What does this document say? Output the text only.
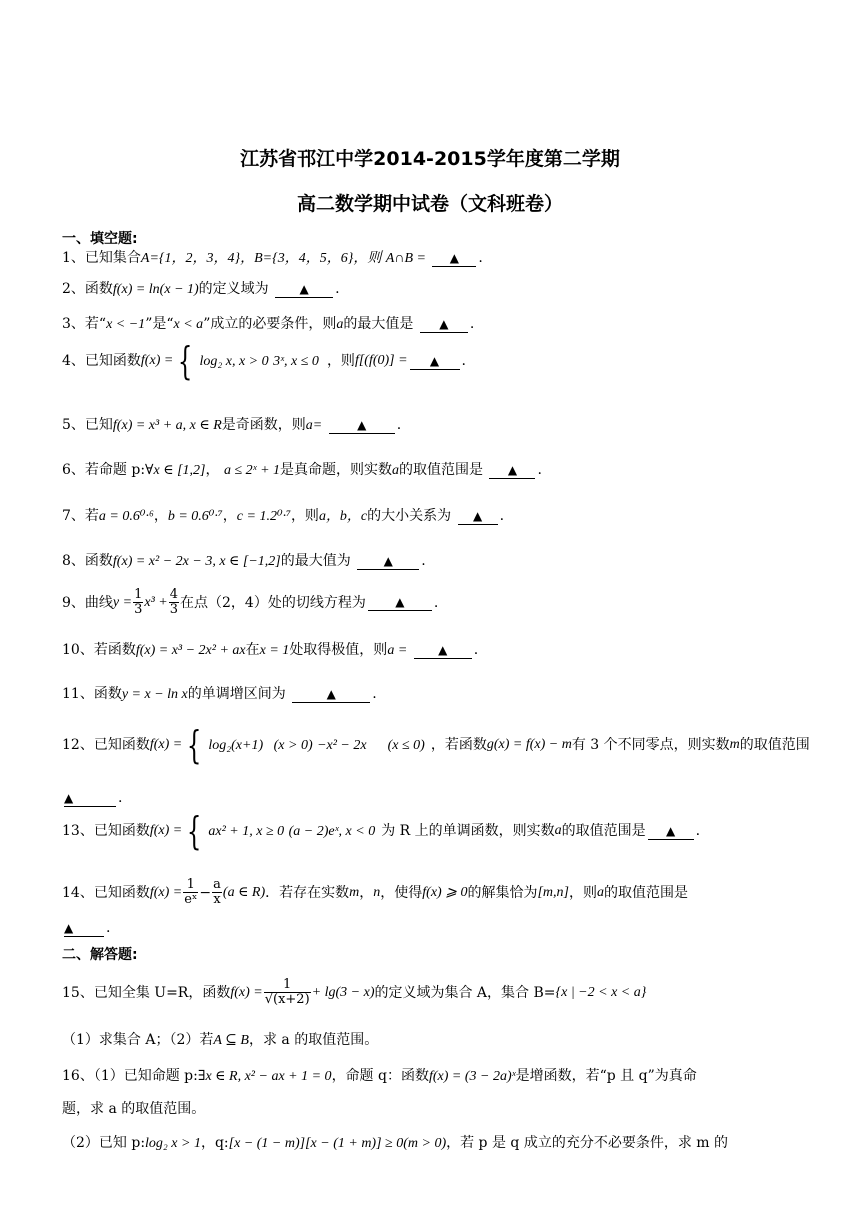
江苏省邗江中学2014-2015学年度第二学期
高二数学期中试卷（文科班卷）
一、填空题:
1、已知集合A={1，2，3，4}，B={3，4，5，6}，则 A∩B = ▲ .
2、函数f(x) = ln(x − 1)的定义域为	▲ .
3、若“x < −1”是“x < a”成立的必要条件，则a的最大值是 ▲ .
4、已知函数 f(x) = { log₂ x, x > 0 3ˣ, x ≤ 0 ，则 f[(f(0)] =	▲	.
5、已知f(x) = x³ + a, x ∈ R是奇函数，则a=	▲ .
6、若命题 p:∀x ∈ [1,2]， a ≤ 2ˣ + 1是真命题，则实数a的取值范围是 ▲ .
7、若a = 0.6⁰·⁶，b = 0.6⁰·⁷，c = 1.2⁰·⁷，则a，b，c的大小关系为 ▲ .
8、函数f(x) = x² − 2x − 3, x ∈ [−1,2]的最大值为	▲ .
9、曲线 $y = \frac{1}{3} x^3 + \frac{4}{3}$ 在点（2，4）处的切线方程为	▲	.
10、若函数f(x) = x³ − 2x² + ax在x = 1处取得极值，则a =	▲ .
11、函数y = x − ln x的单调增区间为	▲	.
12、已知函数 f(x) = { log₂(x+1)   (x > 0) −x² − 2x      (x ≤ 0) ，若函数 g(x) = f(x) − m 有 3 个不同零点，则实数 m 的取值范围
▲	.
13、已知函数 f(x) = { ax² + 1, x ≥ 0 (a − 2)eˣ, x < 0 为 R 上的单调函数，则实数 a 的取值范围是	▲	.
14、已知函数 $f(x) = \frac{1}{\text{eˣ}} - \frac{a}{x} (a$ ∈ R) ．若存在实数 m ， n ，使得 f(x) ⩾ 0 的解集恰为 [m,n] ，则 a 的取值范围是
▲ .
二、解答题:
15、已知全集 U=R，函数 $f(x) = \frac{1}{√(x+2)} + \lg(3 - x)$ 的定义域为集合 A，集合 B= {x | −2 < x < a}
（1）求集合 A；（2）若A ⊆ B，求 a 的取值范围。
16、（1）已知命题 p:∃x ∈ R, x² − ax + 1 = 0，命题 q：函数f(x) = (3 − 2a)ˣ是增函数，若“p 且 q”为真命
题，求 a 的取值范围。
（2）已知 p:log₂ x > 1，q:[x − (1 − m)][x − (1 + m)] ≥ 0(m > 0)，若 p 是 q 成立的充分不必要条件，求 m 的
